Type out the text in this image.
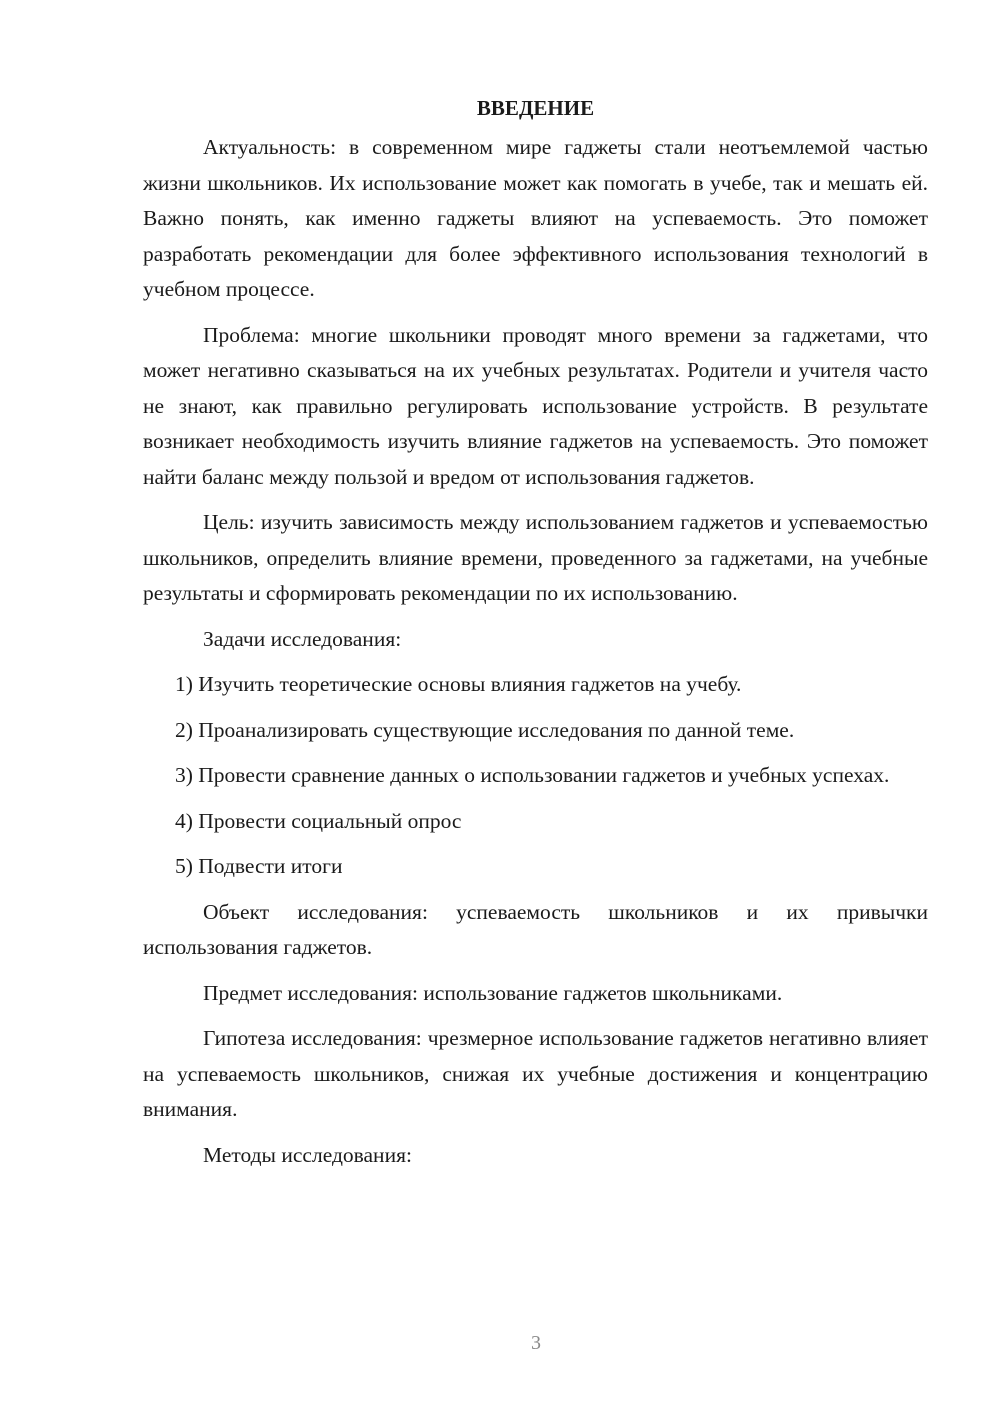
ВВЕДЕНИЕ

Актуальность: в современном мире гаджеты стали неотъемлемой частью жизни школьников. Их использование может как помогать в учебе, так и мешать ей. Важно понять, как именно гаджеты влияют на успеваемость. Это поможет разработать рекомендации для более эффективного использования технологий в учебном процессе.

Проблема: многие школьники проводят много времени за гаджетами, что может негативно сказываться на их учебных результатах. Родители и учителя часто не знают, как правильно регулировать использование устройств. В результате возникает необходимость изучить влияние гаджетов на успеваемость. Это поможет найти баланс между пользой и вредом от использования гаджетов.

Цель: изучить зависимость между использованием гаджетов и успеваемостью школьников, определить влияние времени, проведенного за гаджетами, на учебные результаты и сформировать рекомендации по их использованию.

Задачи исследования:

1) Изучить теоретические основы влияния гаджетов на учебу.

2) Проанализировать существующие исследования по данной теме.

3) Провести сравнение данных о использовании гаджетов и учебных успехах.

4) Провести социальный опрос

5) Подвести итоги

Объект исследования: успеваемость школьников и их привычки использования гаджетов.

Предмет исследования: использование гаджетов школьниками.

Гипотеза исследования: чрезмерное использование гаджетов негативно влияет на успеваемость школьников, снижая их учебные достижения и концентрацию внимания.

Методы исследования:

3
